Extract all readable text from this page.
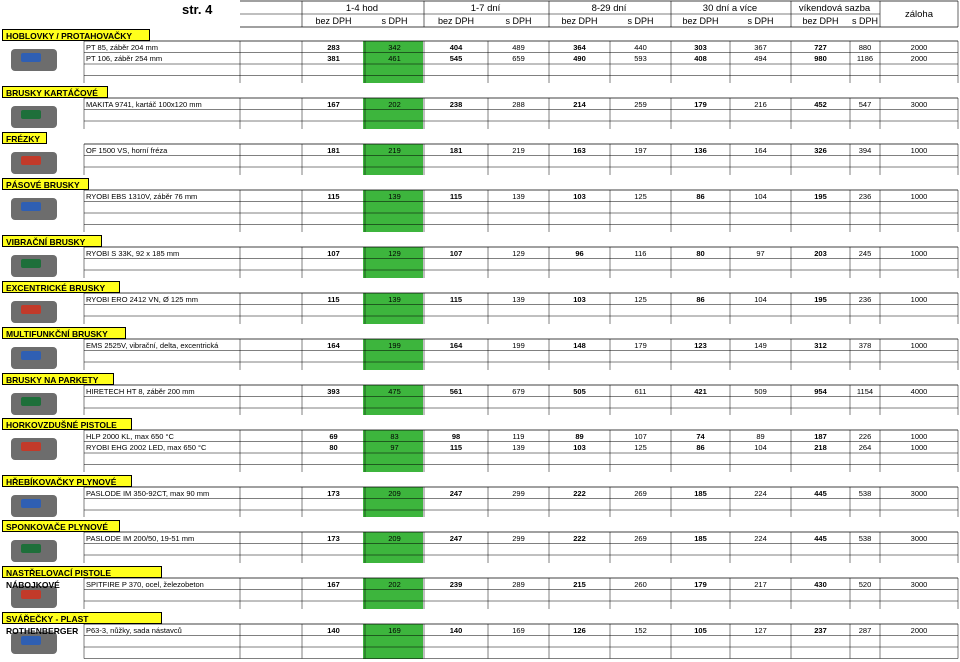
str. 4	1-4 hod
bez DPH	s DPH
1-7 dní
bez DPH	s DPH
8-29 dní
bez DPH	s DPH
30 dní a více
bez DPH	s DPH
víkendová sazba
bez DPH	s DPH
záloha
HOBLOVKY / PROTAHOVAČKY
PT 85, záběr 204 mm	283	342	404	489	364	440	303	367	727	880	2000
PT 106, záběr 254 mm	381	461	545	659	490	593	408	494	980	1186	2000
BRUSKY KARTÁČOVÉ
MAKITA 9741, kartáč 100x120 mm	167	202	238	288	214	259	179	216	452	547	3000
FRÉZKY
OF 1500 VS, horní fréza	181	219	181	219	163	197	136	164	326	394	1000
PÁSOVÉ BRUSKY
RYOBI EBS 1310V, záběr 76 mm	115	139	115	139	103	125	86	104	195	236	1000
VIBRAČNÍ BRUSKY
RYOBI S 33K, 92 x 185 mm	107	129	107	129	96	116	80	97	203	245	1000
EXCENTRICKÉ BRUSKY
RYOBI ERO 2412 VN, Ø 125 mm	115	139	115	139	103	125	86	104	195	236	1000
MULTIFUNKČNÍ BRUSKY
EMS 2525V, vibrační, delta, excentrická	164	199	164	199	148	179	123	149	312	378	1000
BRUSKY NA PARKETY
HIRETECH HT 8, záběr 200 mm	393	475	561	679	505	611	421	509	954	1154	4000
HORKOVZDUŠNÉ PISTOLE
HLP 2000 KL, max 650 °C	69	83	98	119	89	107	74	89	187	226	1000
RYOBI EHG 2002 LED, max 650 °C	80	97	115	139	103	125	86	104	218	264	1000
HŘEBÍKOVAČKY PLYNOVÉ
PASLODE IM 350-92CT, max 90 mm	173	209	247	299	222	269	185	224	445	538	3000
SPONKOVAČE PLYNOVÉ
PASLODE IM 200/50, 19-51 mm	173	209	247	299	222	269	185	224	445	538	3000
NASTŘELOVACÍ PISTOLE NÁBOJKOVÉ	SPITFIRE P 370, ocel, železobeton	167	202	239	289	215	260	179	217	430	520	3000
SVÁŘEČKY - PLAST ROTHENBERGER	P63-3, nůžky, sada nástavců	140	169	140	169	126	152	105	127	237	287	2000
